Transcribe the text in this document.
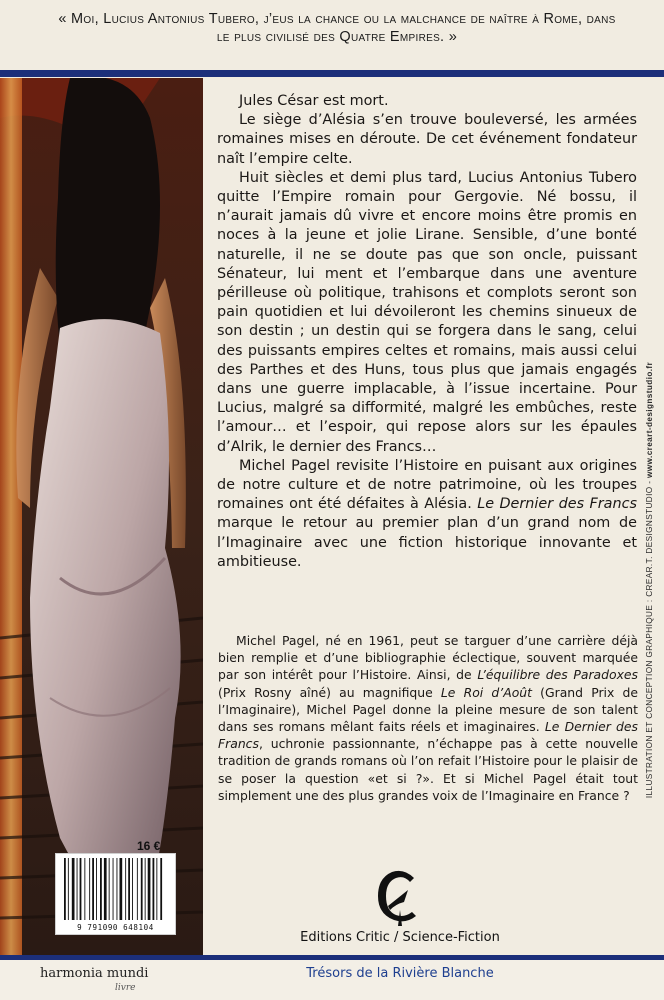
« Moi, Lucius Antonius Tubero, j’eus la chance ou la malchance de naître à Rome, dans le plus civilisé des Quatre Empires. »

Jules César est mort.

Le siège d’Alésia s’en trouve bouleversé, les armées romaines mises en déroute. De cet événement fondateur naît l’empire celte.

Huit siècles et demi plus tard, Lucius Antonius Tubero quitte l’Empire romain pour Gergovie. Né bossu, il n’aurait jamais dû vivre et encore moins être promis en noces à la jeune et jolie Lirane. Sensible, d’une bonté naturelle, il ne se doute pas que son oncle, puissant Sénateur, lui ment et l’embarque dans une aventure périlleuse où politique, trahisons et complots seront son pain quotidien et lui dévoileront les chemins sinueux de son destin ; un destin qui se forgera dans le sang, celui des puissants empires celtes et romains, mais aussi celui des Parthes et des Huns, tous plus que jamais engagés dans une guerre implacable, à l’issue incertaine. Pour Lucius, malgré sa difformité, malgré les embûches, reste l’amour… et l’espoir, qui repose alors sur les épaules d’Alrik, le dernier des Francs…

Michel Pagel revisite l’Histoire en puisant aux origines de notre culture et de notre patrimoine, où les troupes romaines ont été défaites à Alésia. Le Dernier des Francs marque le retour au premier plan d’un grand nom de l’Imaginaire avec une fiction historique innovante et ambitieuse.

Michel Pagel, né en 1961, peut se targuer d’une carrière déjà bien remplie et d’une bibliographie éclectique, souvent marquée par son intérêt pour l’Histoire. Ainsi, de L’équilibre des Paradoxes (Prix Rosny aîné) au magnifique Le Roi d’Août (Grand Prix de l’Imaginaire), Michel Pagel donne la pleine mesure de son talent dans ses romans mêlant faits réels et imaginaires. Le Dernier des Francs, uchronie passionnante, n’échappe pas à cette nouvelle tradition de grands romans où l’on refait l’Histoire pour le plaisir de se poser la question «et si ?». Et si Michel Pagel était tout simplement une des plus grandes voix de l’Imaginaire en France ?

16 €
9 791090 648104
Editions Critic / Science-Fiction
ILLUSTRATION ET CONCEPTION GRAPHIQUE : CREAR.T. DESIGNSTUDIO - www.creart-designstudio.fr
harmonia mundi
livre
Trésors de la Rivière Blanche
